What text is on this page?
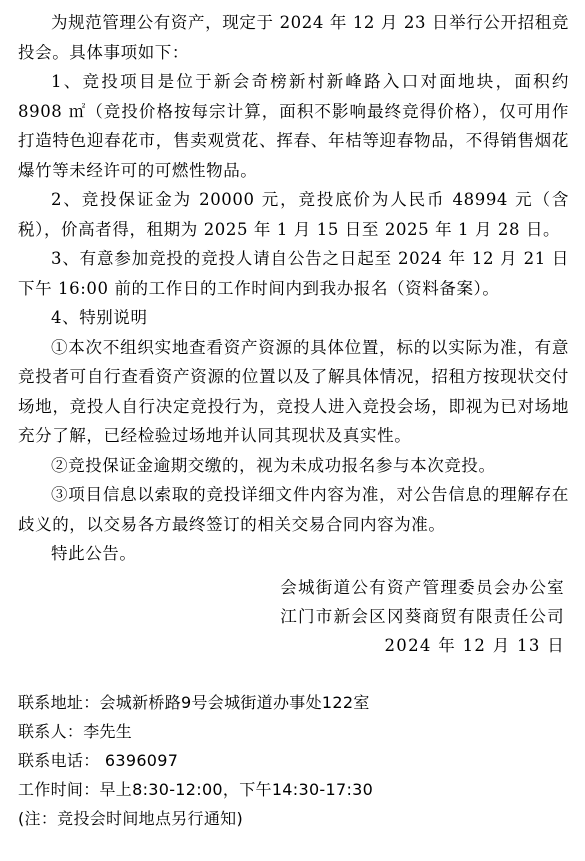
为规范管理公有资产，现定于 2024 年 12 月 23 日举行公开招租竞投会。具体事项如下：

1、竞投项目是位于新会奇榜新村新峰路入口对面地块，面积约 8908 ㎡（竞投价格按每宗计算，面积不影响最终竞得价格），仅可用作打造特色迎春花市，售卖观赏花、挥春、年桔等迎春物品，不得销售烟花爆竹等未经许可的可燃性物品。

2、竞投保证金为 20000 元，竞投底价为人民币 48994 元（含税），价高者得，租期为 2025 年 1 月 15 日至 2025 年 1 月 28 日。

3、有意参加竞投的竞投人请自公告之日起至 2024 年 12 月 21 日下午 16:00 前的工作日的工作时间内到我办报名（资料备案）。

4、特别说明

①本次不组织实地查看资产资源的具体位置，标的以实际为准，有意竞投者可自行查看资产资源的位置以及了解具体情况，招租方按现状交付场地，竞投人自行决定竞投行为，竞投人进入竞投会场，即视为已对场地充分了解，已经检验过场地并认同其现状及真实性。

②竞投保证金逾期交缴的，视为未成功报名参与本次竞投。

③项目信息以索取的竞投详细文件内容为准，对公告信息的理解存在歧义的，以交易各方最终签订的相关交易合同内容为准。

特此公告。

会城街道公有资产管理委员会办公室

江门市新会区冈葵商贸有限责任公司

2024 年 12 月 13 日

联系地址：会城新桥路9号会城街道办事处122室

联系人：李先生

联系电话： 6396097

工作时间：早上8:30-12:00，下午14:30-17:30

(注：竞投会时间地点另行通知)
